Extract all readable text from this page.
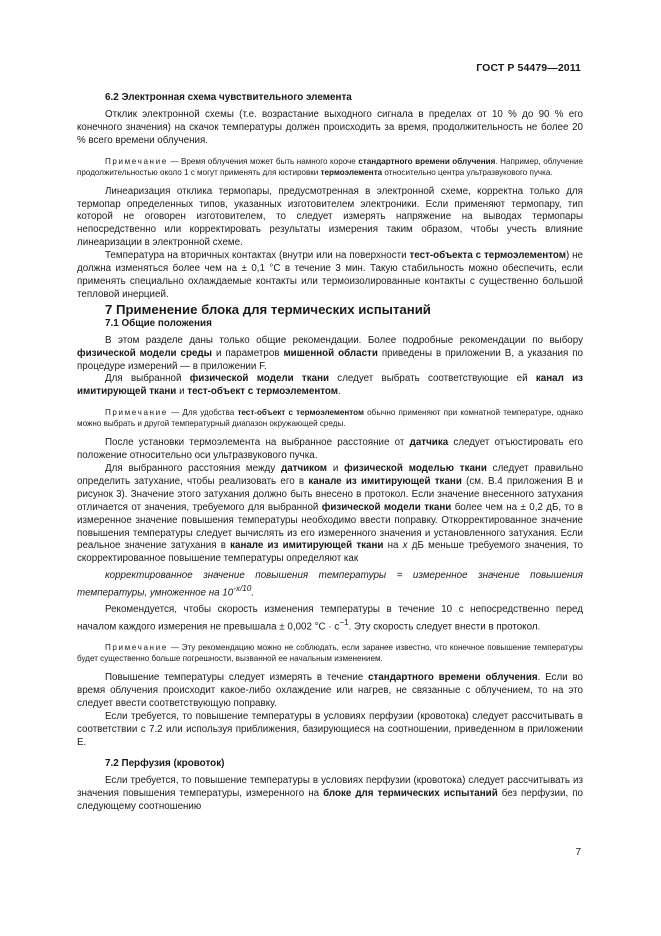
ГОСТ Р 54479—2011

6.2 Электронная схема чувствительного элемента

Отклик электронной схемы (т.е. возрастание выходного сигнала в пределах от 10 % до 90 % его конечного значения) на скачок температуры должен происходить за время, продолжительность не более 20 % всего времени облучения.

Примечание — Время облучения может быть намного короче стандартного времени облучения. Например, облучение продолжительностью около 1 с могут применять для юстировки термоэлемента относительно центра ультразвукового пучка.

Линеаризация отклика термопары, предусмотренная в электронной схеме, корректна только для термопар определенных типов, указанных изготовителем электроники. Если применяют термопару, тип которой не оговорен изготовителем, то следует измерять напряжение на выводах термопары непосредственно или корректировать результаты измерения таким образом, чтобы учесть влияние линеаризации в электронной схеме.

Температура на вторичных контактах (внутри или на поверхности тест-объекта с термоэлементом) не должна изменяться более чем на ± 0,1 °C в течение 3 мин. Такую стабильность можно обеспечить, если применять специально охлаждаемые контакты или термоизолированные контакты с существенно большой тепловой инерцией.

7 Применение блока для термических испытаний

7.1 Общие положения

В этом разделе даны только общие рекомендации. Более подробные рекомендации по выбору физической модели среды и параметров мишенной области приведены в приложении B, а указания по процедуре измерений — в приложении F.

Для выбранной физической модели ткани следует выбрать соответствующие ей канал из имитирующей ткани и тест-объект с термоэлементом.

Примечание — Для удобства тест-объект с термоэлементом обычно применяют при комнатной температуре, однако можно выбрать и другой температурный диапазон окружающей среды.

После установки термоэлемента на выбранное расстояние от датчика следует отъюстировать его положение относительно оси ультразвукового пучка.

Для выбранного расстояния между датчиком и физической моделью ткани следует правильно определить затухание, чтобы реализовать его в канале из имитирующей ткани (см. B.4 приложения B и рисунок 3). Значение этого затухания должно быть внесено в протокол. Если значение внесенного затухания отличается от значения, требуемого для выбранной физической модели ткани более чем на ± 0,2 дБ, то в измеренное значение повышения температуры необходимо ввести поправку. Откорректированное значение повышения температуры следует вычислять из его измеренного значения и установленного затухания. Если реальное значение затухания в канале из имитирующей ткани на x дБ меньше требуемого значения, то скорректированное повышение температуры определяют как

корректированное значение повышения температуры = измеренное значение повышения температуры, умноженное на $10^{-x/10}$.

Рекомендуется, чтобы скорость изменения температуры в течение 10 с непосредственно перед началом каждого измерения не превышала ± 0,002 $^\circ C \cdot с^{-1}$. Эту скорость следует внести в протокол.

Примечание — Эту рекомендацию можно не соблюдать, если заранее известно, что конечное повышение температуры будет существенно больше погрешности, вызванной ее начальным изменением.

Повышение температуры следует измерять в течение стандартного времени облучения. Если во время облучения происходит какое-либо охлаждение или нагрев, не связанные с облучением, то на это следует ввести соответствующую поправку.

Если требуется, то повышение температуры в условиях перфузии (кровотока) следует рассчитывать в соответствии с 7.2 или используя приближения, базирующиеся на соотношении, приведенном в приложении E.

7.2 Перфузия (кровоток)

Если требуется, то повышение температуры в условиях перфузии (кровотока) следует рассчитывать из значения повышения температуры, измеренного на блоке для термических испытаний без перфузии, по следующему соотношению

7
